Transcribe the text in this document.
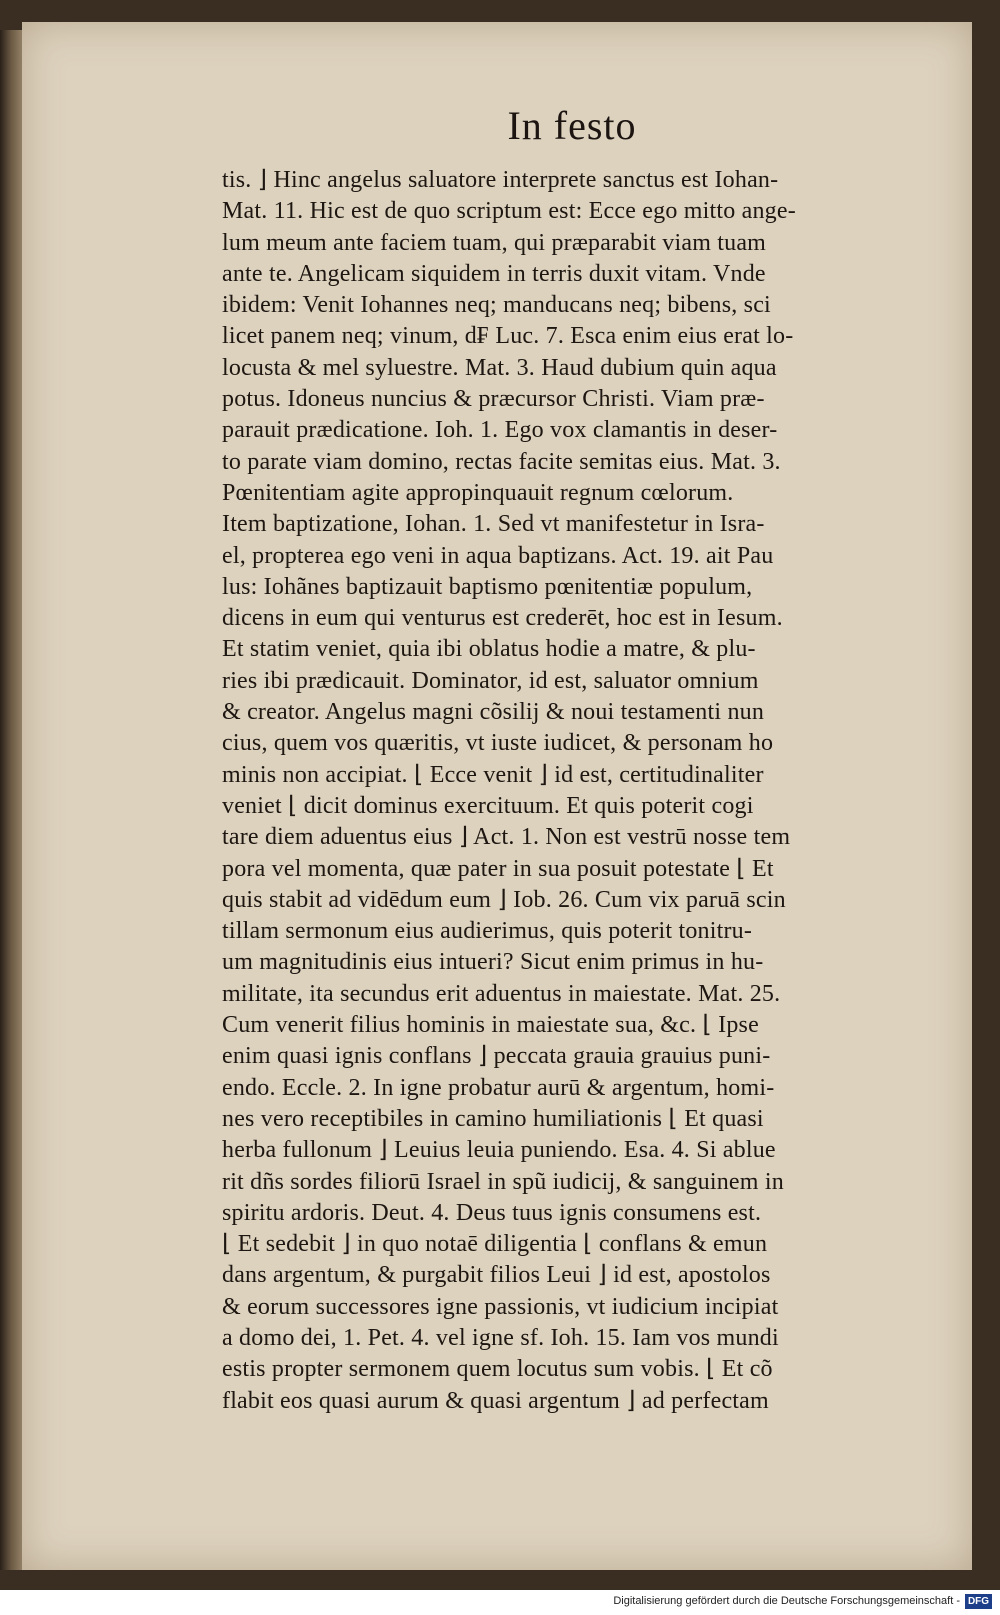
In festo
tis. ⌋ Hinc angelus saluatore interprete sanctus est Iohan-
Mat. 11. Hic est de quo scriptum est: Ecce ego mitto ange-
lum meum ante faciem tuam, qui præparabit viam tuam
ante te. Angelicam siquidem in terris duxit vitam. Vnde
ibidem: Venit Iohannes neq; manducans neq; bibens, sci
licet panem neq; vinum, d₣ Luc. 7. Esca enim eius erat lo-
locusta & mel syluestre. Mat. 3. Haud dubium quin aqua
potus. Idoneus nuncius & præcursor Christi. Viam præ-
parauit prædicatione. Ioh. 1. Ego vox clamantis in deser-
to parate viam domino, rectas facite semitas eius. Mat. 3.
Pœnitentiam agite appropinquauit regnum cœlorum.
Item baptizatione, Iohan. 1. Sed vt manifestetur in Isra-
el, propterea ego veni in aqua baptizans. Act. 19. ait Pau
lus: Iohãnes baptizauit baptismo pœnitentiæ populum,
dicens in eum qui venturus est crederēt, hoc est in Iesum.
Et statim veniet, quia ibi oblatus hodie a matre, & plu-
ries ibi prædicauit. Dominator, id est, saluator omnium
& creator. Angelus magni cõsilij & noui testamenti nun
cius, quem vos quæritis, vt iuste iudicet, & personam ho
minis non accipiat. ⌊ Ecce venit ⌋ id est, certitudinaliter
veniet ⌊ dicit dominus exercituum. Et quis poterit cogi
tare diem aduentus eius ⌋ Act. 1. Non est vestrū nosse tem
pora vel momenta, quæ pater in sua posuit potestate ⌊ Et
quis stabit ad vidēdum eum ⌋ Iob. 26. Cum vix paruā scin
tillam sermonum eius audierimus, quis poterit tonitru-
um magnitudinis eius intueri? Sicut enim primus in hu-
militate, ita secundus erit aduentus in maiestate. Mat. 25.
Cum venerit filius hominis in maiestate sua, &c. ⌊ Ipse
enim quasi ignis conflans ⌋ peccata grauia grauius puni-
endo. Eccle. 2. In igne probatur aurū & argentum, homi-
nes vero receptibiles in camino humiliationis ⌊ Et quasi
herba fullonum ⌋ Leuius leuia puniendo. Esa. 4. Si ablue
rit dñs sordes filiorū Israel in spũ iudicij, & sanguinem in
spiritu ardoris. Deut. 4. Deus tuus ignis consumens est.
⌊ Et sedebit ⌋ in quo notaē diligentia ⌊ conflans & emun
dans argentum, & purgabit filios Leui ⌋ id est, apostolos
& eorum successores igne passionis, vt iudicium incipiat
a domo dei, 1. Pet. 4. vel igne sf. Ioh. 15. Iam vos mundi
estis propter sermonem quem locutus sum vobis. ⌊ Et cõ
flabit eos quasi aurum & quasi argentum ⌋ ad perfectam
Digitalisierung gefördert durch die Deutsche Forschungsgemeinschaft - DFG
